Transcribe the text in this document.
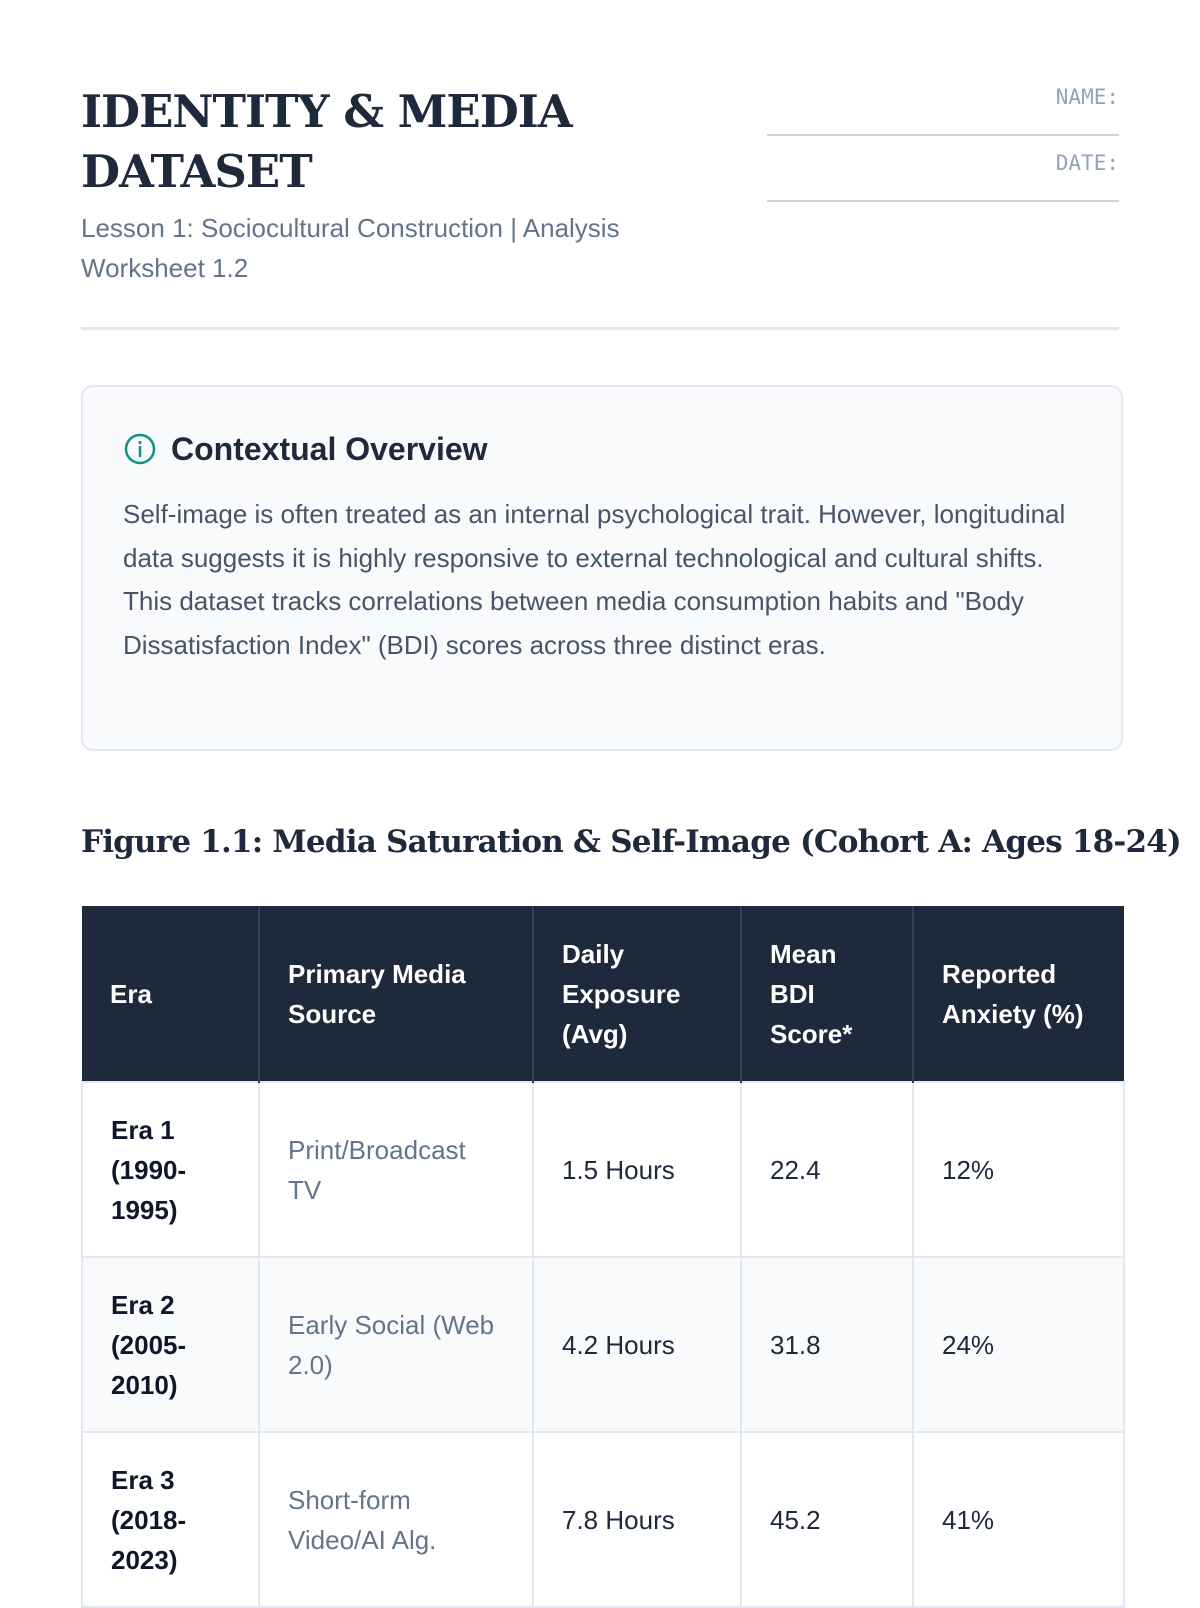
IDENTITY & MEDIA DATASET

Lesson 1: Sociocultural Construction | Analysis Worksheet 1.2

NAME:
DATE:
Contextual Overview

Self-image is often treated as an internal psychological trait. However, longitudinal data suggests it is highly responsive to external technological and cultural shifts. This dataset tracks correlations between media consumption habits and "Body Dissatisfaction Index" (BDI) scores across three distinct eras.

Figure 1.1: Media Saturation & Self-Image (Cohort A: Ages 18-24)
Era	Primary Media Source	Daily Exposure (Avg)	Mean BDI Score*	Reported Anxiety (%)
Era 1 (1990-1995)	Print/Broadcast TV	1.5 Hours	22.4	12%
Era 2 (2005-2010)	Early Social (Web 2.0)	4.2 Hours	31.8	24%
Era 3 (2018-2023)	Short-form Video/AI Alg.	7.8 Hours	45.2	41%
